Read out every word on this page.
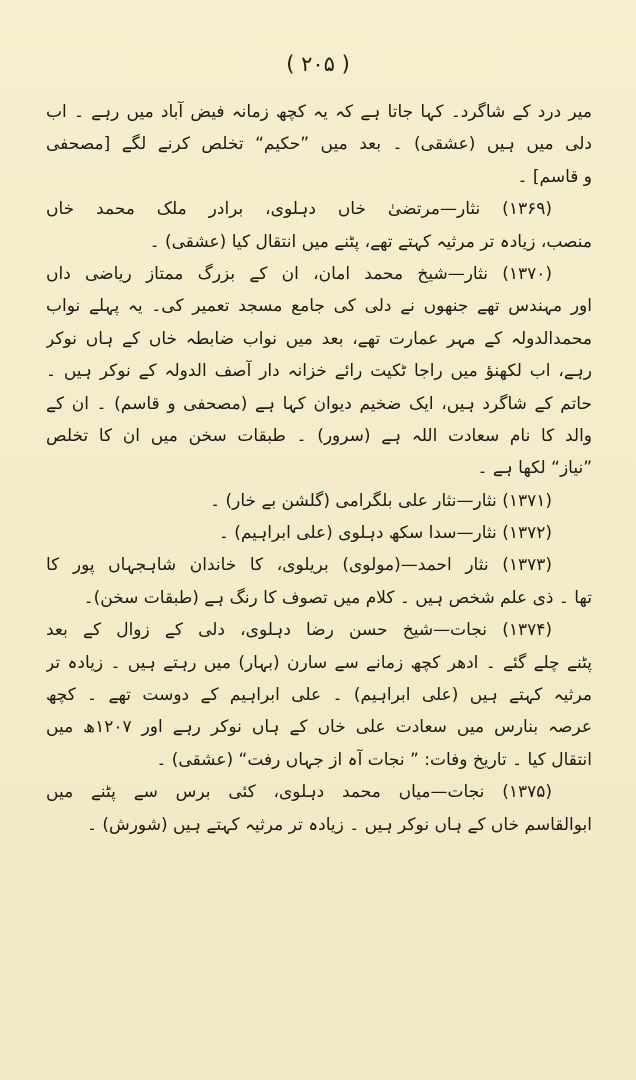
( ۲۰۵ )
میر درد کے شاگرد۔ کہا جاتا ہے کہ یہ کچھ زمانہ فیض آباد میں رہے ۔ اب
دلی میں ہیں (عشقی) ۔ بعد میں ”حکیم“ تخلص کرنے لگے [مصحفی
و قاسم] ۔
(۱۳۶۹) نثار—مرتضیٰ خاں دہلوی، برادر ملک محمد خاں
منصب، زیادہ تر مرثیہ کہتے تھے، پٹنے میں انتقال کیا (عشقی) ۔
(۱۳۷۰) نثار—شیخ محمد امان، ان کے بزرگ ممتاز ریاضی داں
اور مہندس تھے جنھوں نے دلی کی جامع مسجد تعمیر کی۔ یہ پہلے نواب
محمدالدولہ کے مہر عمارت تھے، بعد میں نواب ضابطہ خاں کے ہاں نوکر
رہے، اب لکھنؤ میں راجا ٹکیت رائے خزانہ دار آصف الدولہ کے نوکر ہیں ۔
حاتم کے شاگرد ہیں، ایک ضخیم دیوان کہا ہے (مصحفی و قاسم) ۔ ان کے
والد کا نام سعادت اللہ ہے (سرور) ۔ طبقات سخن میں ان کا تخلص
”نیاز“ لکھا ہے ۔
(۱۳۷۱) نثار—نثار علی بلگرامی (گلشن بے خار) ۔
(۱۳۷۲) نثار—سدا سکھ دہلوی (علی ابراہیم) ۔
(۱۳۷۳) نثار احمد—(مولوی) بریلوی، کا خاندان شاہجہاں پور کا
تھا ۔ ذی علم شخص ہیں ۔ کلام میں تصوف کا رنگ ہے (طبقات سخن)۔
(۱۳۷۴) نجات—شیخ حسن رضا دہلوی، دلی کے زوال کے بعد
پٹنے چلے گئے ۔ ادھر کچھ زمانے سے سارن (بہار) میں رہتے ہیں ۔ زیادہ تر
مرثیہ کہتے ہیں (علی ابراہیم) ۔ علی ابراہیم کے دوست تھے ۔ کچھ
عرصہ بنارس میں سعادت علی خاں کے ہاں نوکر رہے اور ۱۲۰۷ھ میں
انتقال کیا ۔ تاریخ وفات: ” نجات آہ از جہاں رفت“ (عشقی) ۔
(۱۳۷۵) نجات—میاں محمد دہلوی، کئی برس سے پٹنے میں
ابوالقاسم خاں کے ہاں نوکر ہیں ۔ زیادہ تر مرثیہ کہتے ہیں (شورش) ۔
